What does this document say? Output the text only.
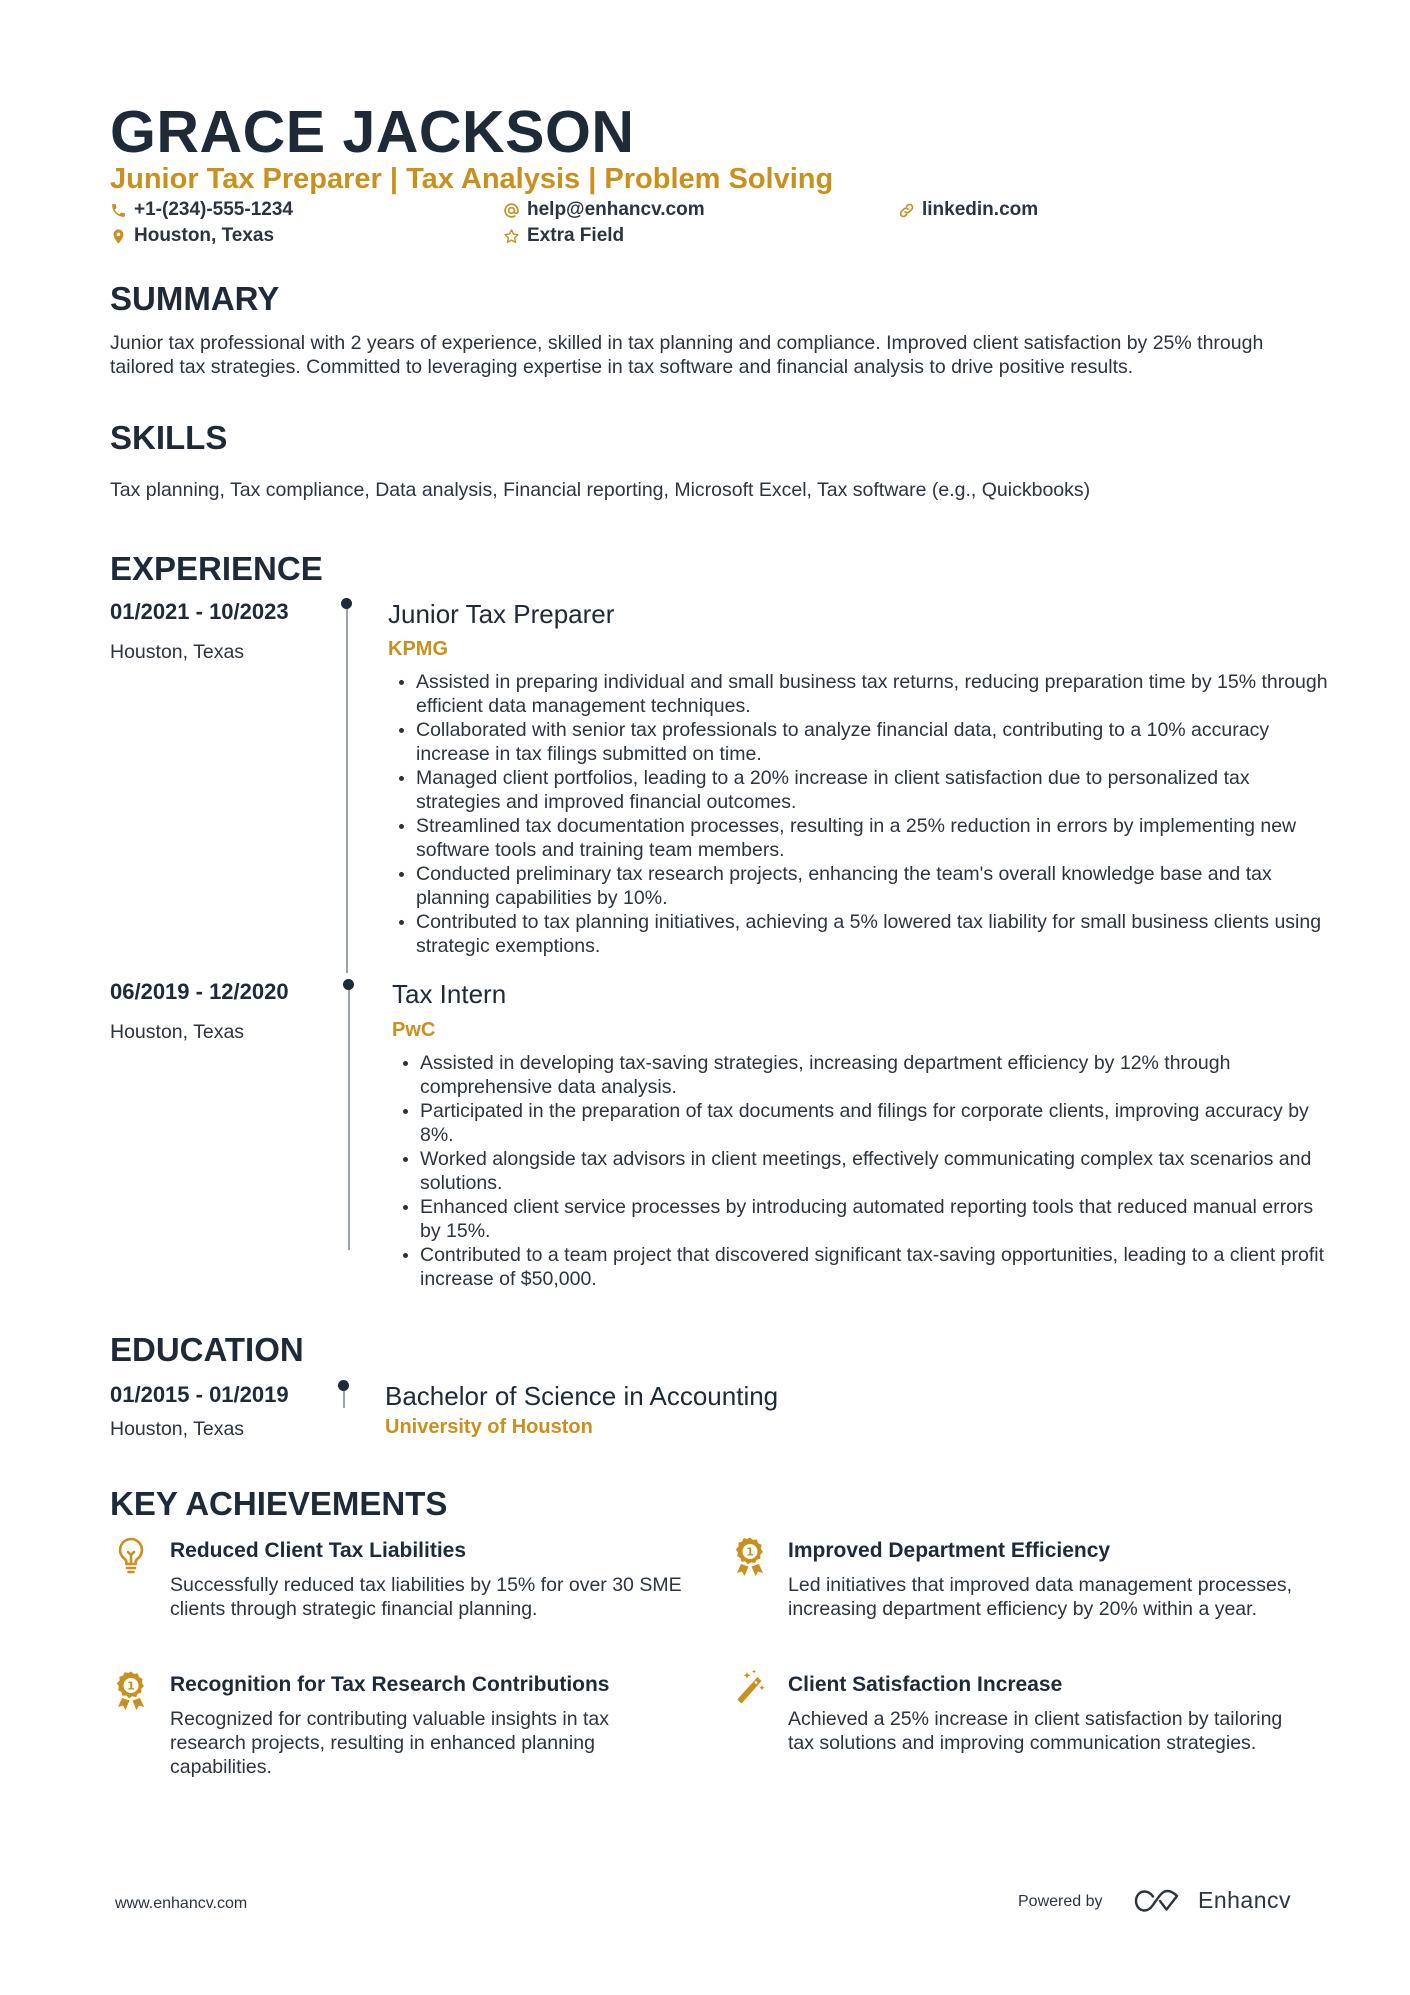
GRACE JACKSON
Junior Tax Preparer | Tax Analysis | Problem Solving
+1-(234)-555-1234	help@enhancv.com	linkedin.com
Houston, Texas	Extra Field
SUMMARY
Junior tax professional with 2 years of experience, skilled in tax planning and compliance. Improved client satisfaction by 25% through tailored tax strategies. Committed to leveraging expertise in tax software and financial analysis to drive positive results.
SKILLS
Tax planning, Tax compliance, Data analysis, Financial reporting, Microsoft Excel, Tax software (e.g., Quickbooks)
EXPERIENCE
01/2021 - 10/2023
Houston, Texas
Junior Tax Preparer
KPMG
Assisted in preparing individual and small business tax returns, reducing preparation time by 15% through efficient data management techniques.
Collaborated with senior tax professionals to analyze financial data, contributing to a 10% accuracy increase in tax filings submitted on time.
Managed client portfolios, leading to a 20% increase in client satisfaction due to personalized tax strategies and improved financial outcomes.
Streamlined tax documentation processes, resulting in a 25% reduction in errors by implementing new software tools and training team members.
Conducted preliminary tax research projects, enhancing the team's overall knowledge base and tax planning capabilities by 10%.
Contributed to tax planning initiatives, achieving a 5% lowered tax liability for small business clients using strategic exemptions.
06/2019 - 12/2020
Houston, Texas
Tax Intern
PwC
Assisted in developing tax-saving strategies, increasing department efficiency by 12% through comprehensive data analysis.
Participated in the preparation of tax documents and filings for corporate clients, improving accuracy by 8%.
Worked alongside tax advisors in client meetings, effectively communicating complex tax scenarios and solutions.
Enhanced client service processes by introducing automated reporting tools that reduced manual errors by 15%.
Contributed to a team project that discovered significant tax-saving opportunities, leading to a client profit increase of $50,000.
EDUCATION
01/2015 - 01/2019
Houston, Texas
Bachelor of Science in Accounting
University of Houston
KEY ACHIEVEMENTS
Reduced Client Tax Liabilities
Successfully reduced tax liabilities by 15% for over 30 SME clients through strategic financial planning.
1 Improved Department Efficiency
Led initiatives that improved data management processes, increasing department efficiency by 20% within a year.
1 Recognition for Tax Research Contributions
Recognized for contributing valuable insights in tax research projects, resulting in enhanced planning capabilities.
Client Satisfaction Increase
Achieved a 25% increase in client satisfaction by tailoring tax solutions and improving communication strategies.
www.enhancv.com	Powered by	Enhancv
